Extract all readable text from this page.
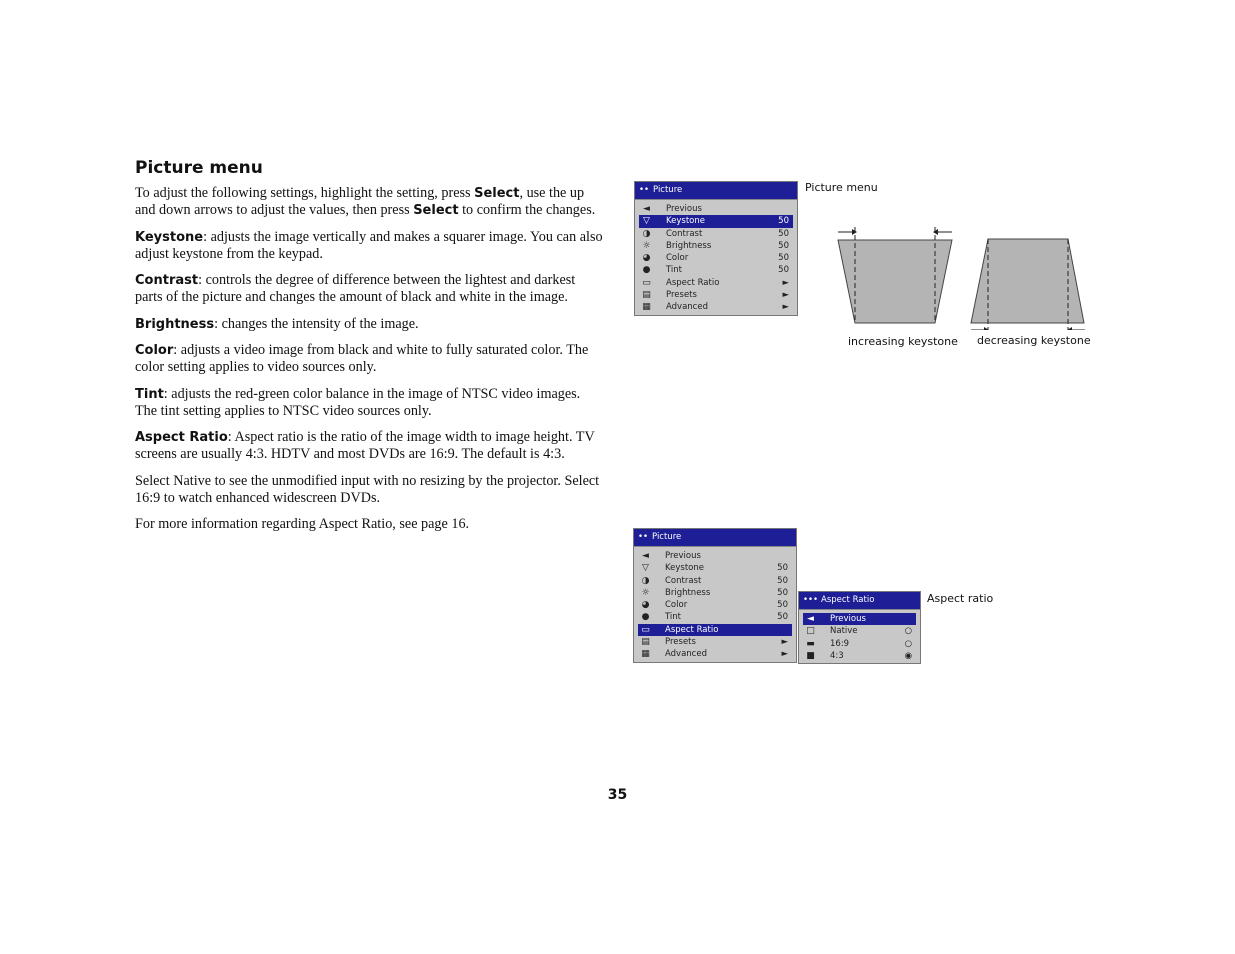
Picture menu

To adjust the following settings, highlight the setting, press Select, use the up and down arrows to adjust the values, then press Select to confirm the changes.

Keystone: adjusts the image vertically and makes a squarer image. You can also adjust keystone from the keypad.

Contrast: controls the degree of difference between the lightest and darkest parts of the picture and changes the amount of black and white in the image.

Brightness: changes the intensity of the image.

Color: adjusts a video image from black and white to fully saturated color. The color setting applies to video sources only.

Tint: adjusts the red-green color balance in the image of NTSC video images. The tint setting applies to NTSC video sources only.

Aspect Ratio: Aspect ratio is the ratio of the image width to image height. TV screens are usually 4:3. HDTV and most DVDs are 16:9. The default is 4:3.

Select Native to see the unmodified input with no resizing by the projector. Select 16:9 to watch enhanced widescreen DVDs.

For more information regarding Aspect Ratio, see page 16.

•• Picture
◄ Previous
▽ Keystone	50
◑ Contrast	50
☼ Brightness	50
◕ Color	50
● Tint	50
▭ Aspect Ratio	►
▤ Presets	►
▦ Advanced	►
Picture menu
increasing keystone decreasing keystone
•• Picture
◄ Previous
▽ Keystone	50
◑ Contrast	50
☼ Brightness	50
◕ Color	50
● Tint	50
▭ Aspect Ratio
▤ Presets	►
▦ Advanced	►
••• Aspect Ratio
◄ Previous
□ Native	○
▬ 16:9	○
■ 4:3	◉
Aspect ratio
35
